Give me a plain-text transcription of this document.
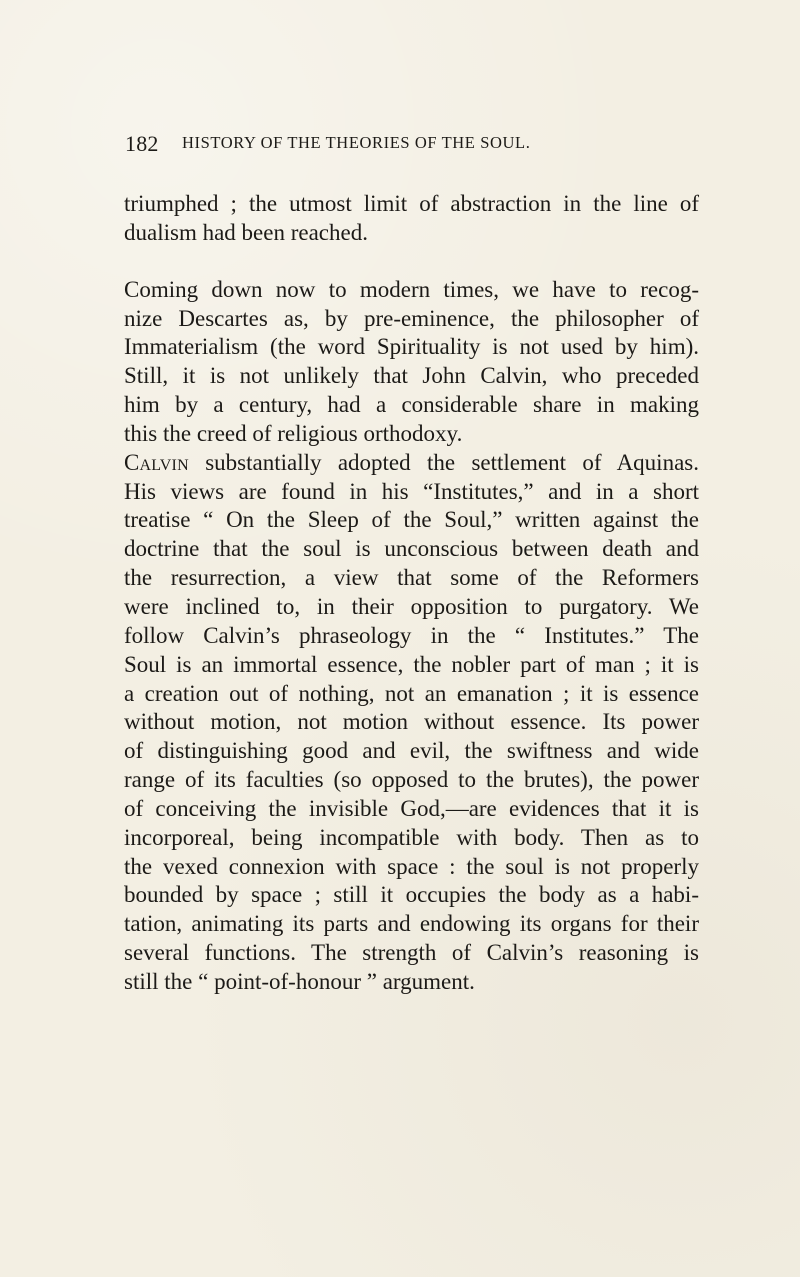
182 HISTORY OF THE THEORIES OF THE SOUL.
triumphed ; the utmost limit of abstraction in the line of
dualism had been reached.
Coming down now to modern times, we have to recog-
nize Descartes as, by pre-eminence, the philosopher of
Immaterialism (the word Spirituality is not used by him).
Still, it is not unlikely that John Calvin, who preceded
him by a century, had a considerable share in making
this the creed of religious orthodoxy.
Calvin substantially adopted the settlement of Aquinas.
His views are found in his “Institutes,” and in a short
treatise “ On the Sleep of the Soul,” written against the
doctrine that the soul is unconscious between death and
the resurrection, a view that some of the Reformers
were inclined to, in their opposition to purgatory. We
follow Calvin’s phraseology in the “ Institutes.” The
Soul is an immortal essence, the nobler part of man ; it is
a creation out of nothing, not an emanation ; it is essence
without motion, not motion without essence. Its power
of distinguishing good and evil, the swiftness and wide
range of its faculties (so opposed to the brutes), the power
of conceiving the invisible God,—are evidences that it is
incorporeal, being incompatible with body. Then as to
the vexed connexion with space : the soul is not properly
bounded by space ; still it occupies the body as a habi-
tation, animating its parts and endowing its organs for their
several functions. The strength of Calvin’s reasoning is
still the “ point-of-honour ” argument.
